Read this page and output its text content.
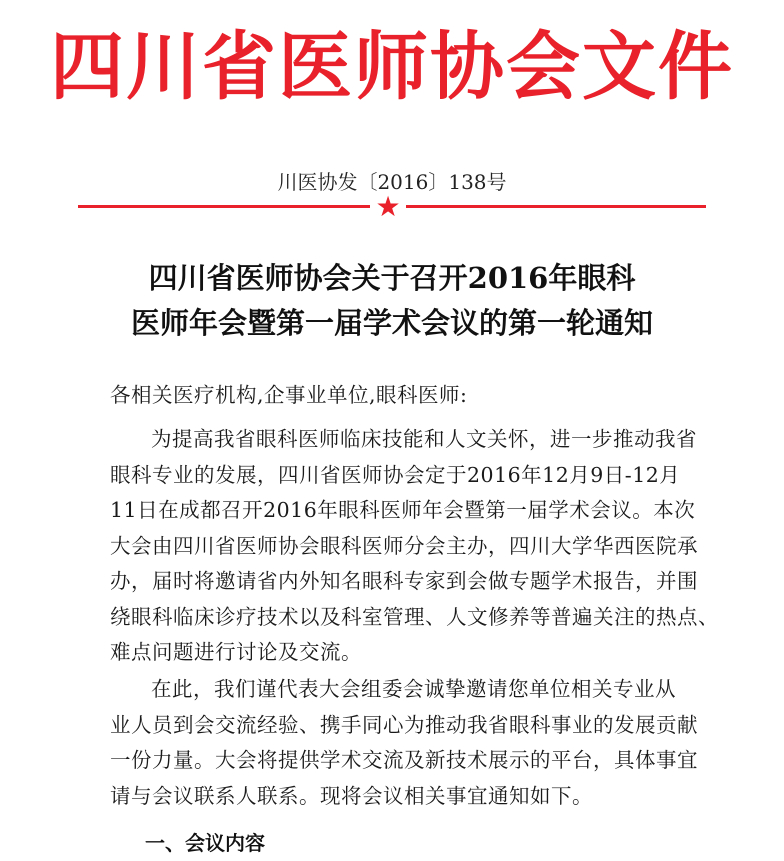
四川省医师协会文件
川医协发〔2016〕138号
★
四川省医师协会关于召开2016年眼科
医师年会暨第一届学术会议的第一轮通知
各相关医疗机构,企事业单位,眼科医师:
为提高我省眼科医师临床技能和人文关怀，进一步推动我省
眼科专业的发展，四川省医师协会定于2016年12月9日-12月
11日在成都召开2016年眼科医师年会暨第一届学术会议。本次
大会由四川省医师协会眼科医师分会主办，四川大学华西医院承
办，届时将邀请省内外知名眼科专家到会做专题学术报告，并围
绕眼科临床诊疗技术以及科室管理、人文修养等普遍关注的热点、
难点问题进行讨论及交流。
在此，我们谨代表大会组委会诚挚邀请您单位相关专业从
业人员到会交流经验、携手同心为推动我省眼科事业的发展贡献
一份力量。大会将提供学术交流及新技术展示的平台，具体事宜
请与会议联系人联系。现将会议相关事宜通知如下。
一、会议内容
